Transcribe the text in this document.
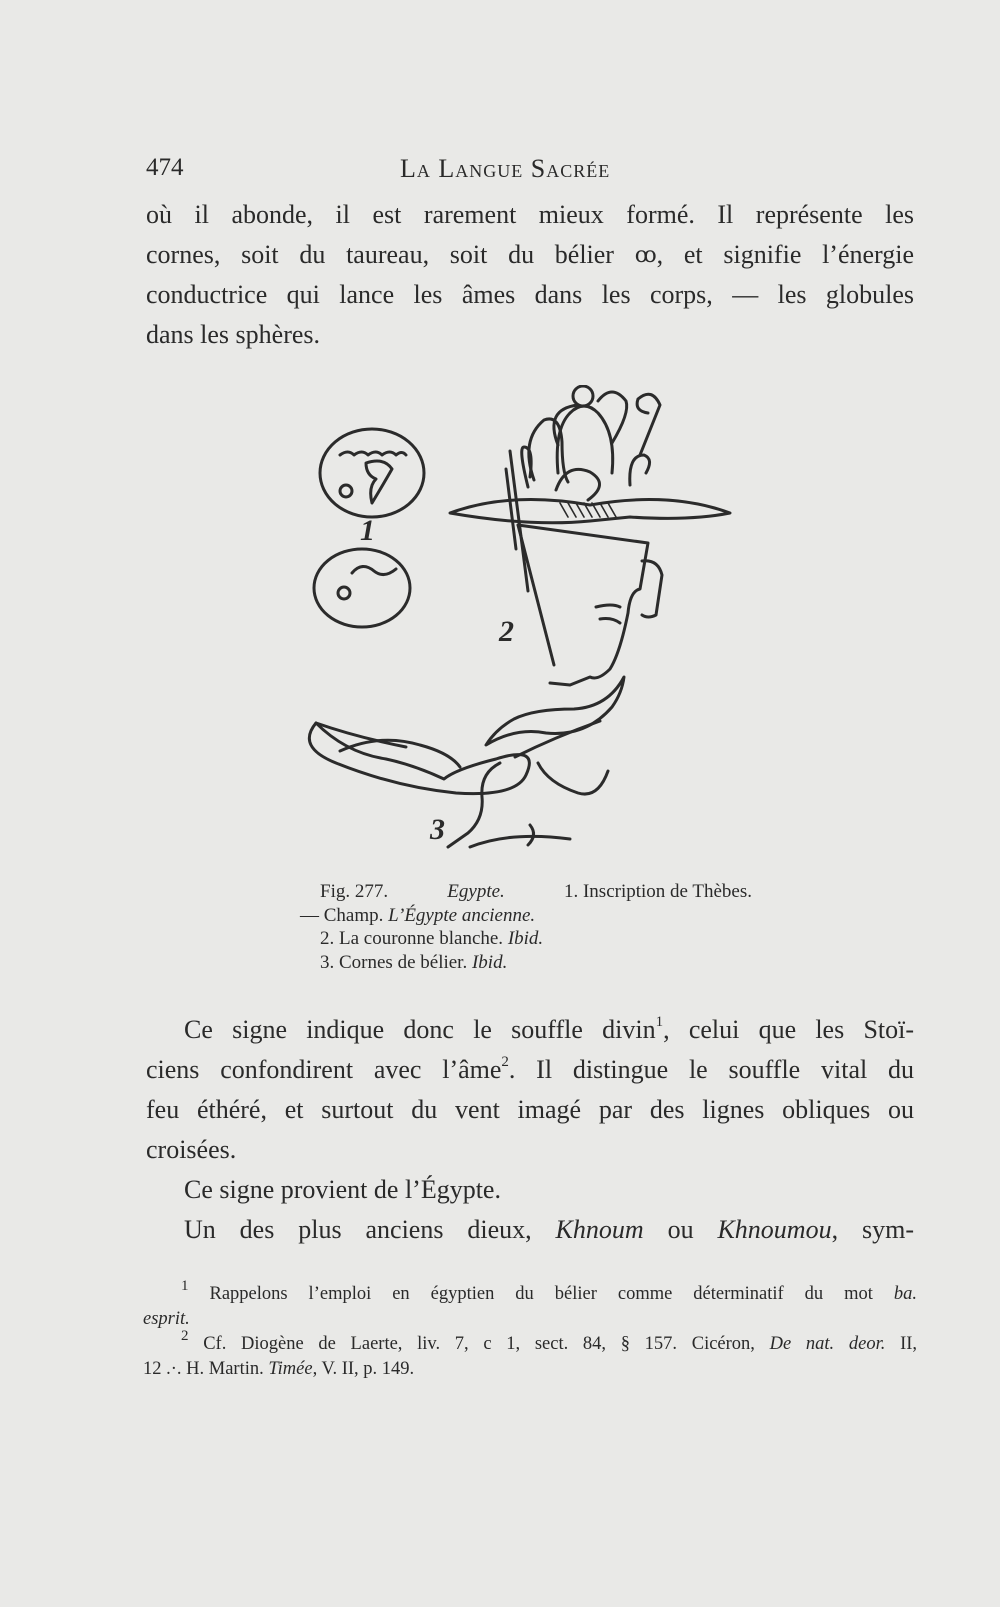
474	La Langue Sacrée

où il abonde, il est rarement mieux formé. Il représente les
cornes, soit du taureau, soit du bélier ꝏ, et signifie l’énergie
conductrice qui lance les âmes dans les corps, — les globules
dans les sphères.

1
2
3
Fig. 277.	Egypte.	1. Inscription de Thèbes.
— Champ. L’Égypte ancienne.
2. La couronne blanche. Ibid.
3. Cornes de bélier. Ibid.

Ce signe indique donc le souffle divin$^1$, celui que les Stoï-
ciens confondirent avec l’âme$^2$. Il distingue le souffle vital du
feu éthéré, et surtout du vent imagé par des lignes obliques ou
croisées.

Ce signe provient de l’Égypte.

Un des plus anciens dieux, Khnoum ou Khnoumou, sym-

$^1$ Rappelons l’emploi en égyptien du bélier comme déterminatif du mot ba.
esprit.
$^2$ Cf. Diogène de Laerte, liv. 7, c 1, sect. 84, § 157. Cicéron, De nat. deor. II,
12 .·. H. Martin. Timée, V. II, p. 149.
